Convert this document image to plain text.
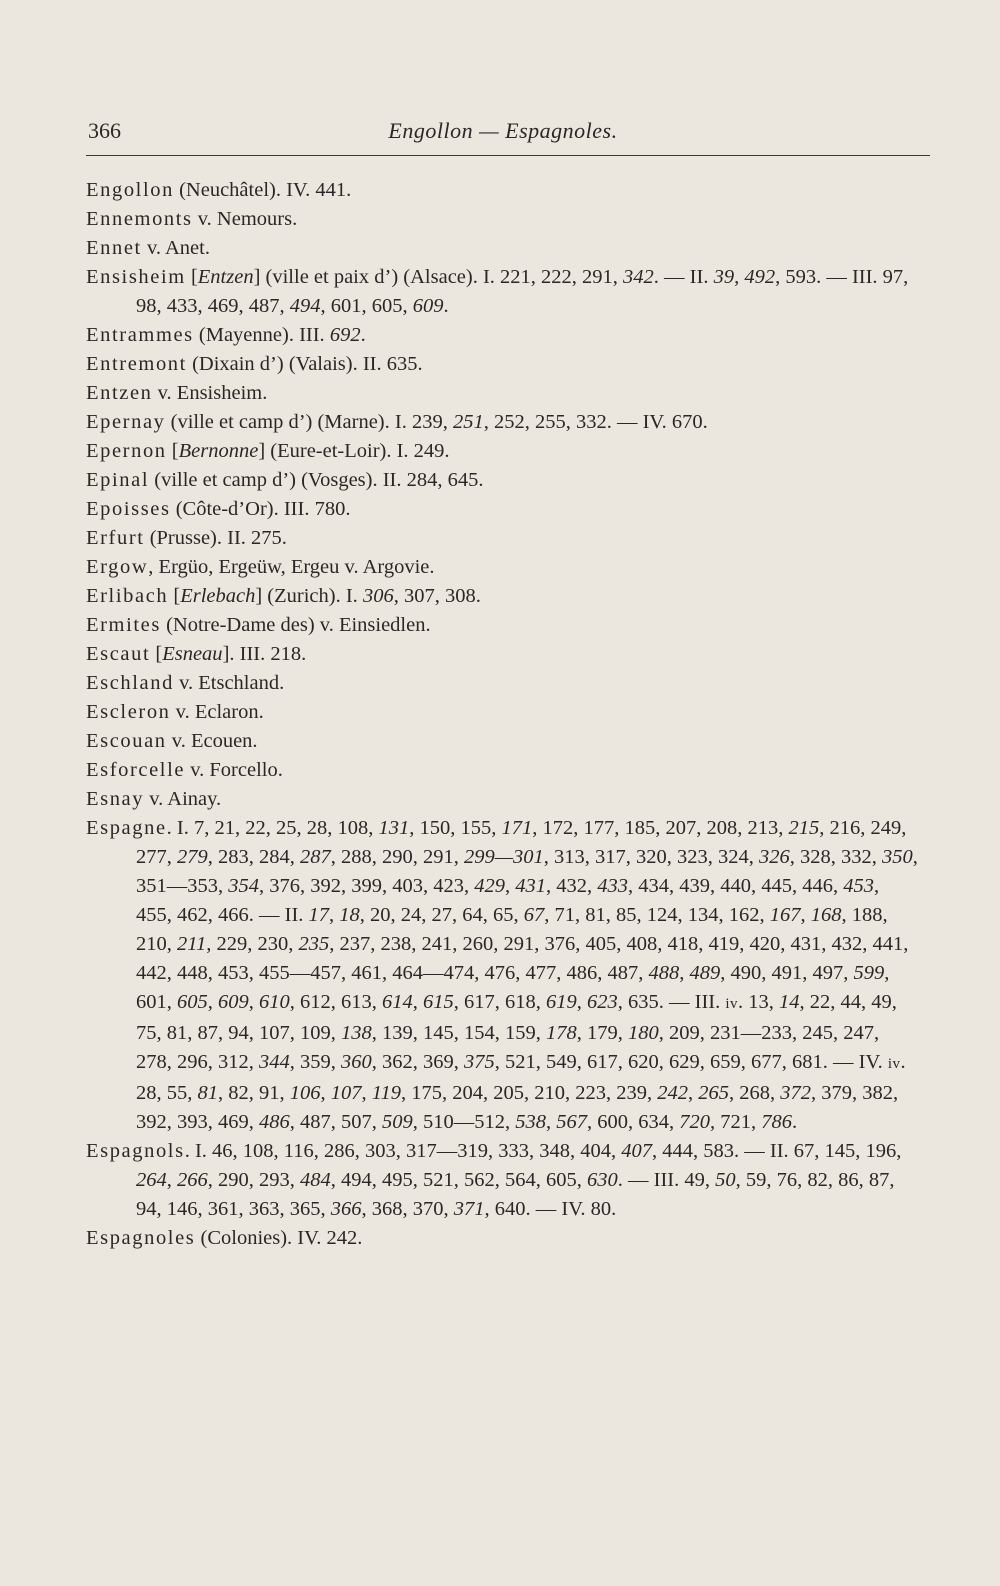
366	Engollon — Espagnoles.
Engollon (Neuchâtel). IV. 441.
Ennemonts v. Nemours.
Ennet v. Anet.
Ensisheim [Entzen] (ville et paix d’) (Alsace). I. 221, 222, 291, 342. — II. 39, 492, 593. — III. 97, 98, 433, 469, 487, 494, 601, 605, 609.
Entrammes (Mayenne). III. 692.
Entremont (Dixain d’) (Valais). II. 635.
Entzen v. Ensisheim.
Epernay (ville et camp d’) (Marne). I. 239, 251, 252, 255, 332. — IV. 670.
Epernon [Bernonne] (Eure-et-Loir). I. 249.
Epinal (ville et camp d’) (Vosges). II. 284, 645.
Epoisses (Côte-d’Or). III. 780.
Erfurt (Prusse). II. 275.
Ergow, Ergüo, Ergeüw, Ergeu v. Argovie.
Erlibach [Erlebach] (Zurich). I. 306, 307, 308.
Ermites (Notre-Dame des) v. Einsiedlen.
Escaut [Esneau]. III. 218.
Eschland v. Etschland.
Escleron v. Eclaron.
Escouan v. Ecouen.
Esforcelle v. Forcello.
Esnay v. Ainay.
Espagne. I. 7, 21, 22, 25, 28, 108, 131, 150, 155, 171, 172, 177, 185, 207, 208, 213, 215, 216, 249, 277, 279, 283, 284, 287, 288, 290, 291, 299—301, 313, 317, 320, 323, 324, 326, 328, 332, 350, 351—353, 354, 376, 392, 399, 403, 423, 429, 431, 432, 433, 434, 439, 440, 445, 446, 453, 455, 462, 466. — II. 17, 18, 20, 24, 27, 64, 65, 67, 71, 81, 85, 124, 134, 162, 167, 168, 188, 210, 211, 229, 230, 235, 237, 238, 241, 260, 291, 376, 405, 408, 418, 419, 420, 431, 432, 441, 442, 448, 453, 455—457, 461, 464—474, 476, 477, 486, 487, 488, 489, 490, 491, 497, 599, 601, 605, 609, 610, 612, 613, 614, 615, 617, 618, 619, 623, 635. — III. iv. 13, 14, 22, 44, 49, 75, 81, 87, 94, 107, 109, 138, 139, 145, 154, 159, 178, 179, 180, 209, 231—233, 245, 247, 278, 296, 312, 344, 359, 360, 362, 369, 375, 521, 549, 617, 620, 629, 659, 677, 681. — IV. iv. 28, 55, 81, 82, 91, 106, 107, 119, 175, 204, 205, 210, 223, 239, 242, 265, 268, 372, 379, 382, 392, 393, 469, 486, 487, 507, 509, 510—512, 538, 567, 600, 634, 720, 721, 786.
Espagnols. I. 46, 108, 116, 286, 303, 317—319, 333, 348, 404, 407, 444, 583. — II. 67, 145, 196, 264, 266, 290, 293, 484, 494, 495, 521, 562, 564, 605, 630. — III. 49, 50, 59, 76, 82, 86, 87, 94, 146, 361, 363, 365, 366, 368, 370, 371, 640. — IV. 80.
Espagnoles (Colonies). IV. 242.
